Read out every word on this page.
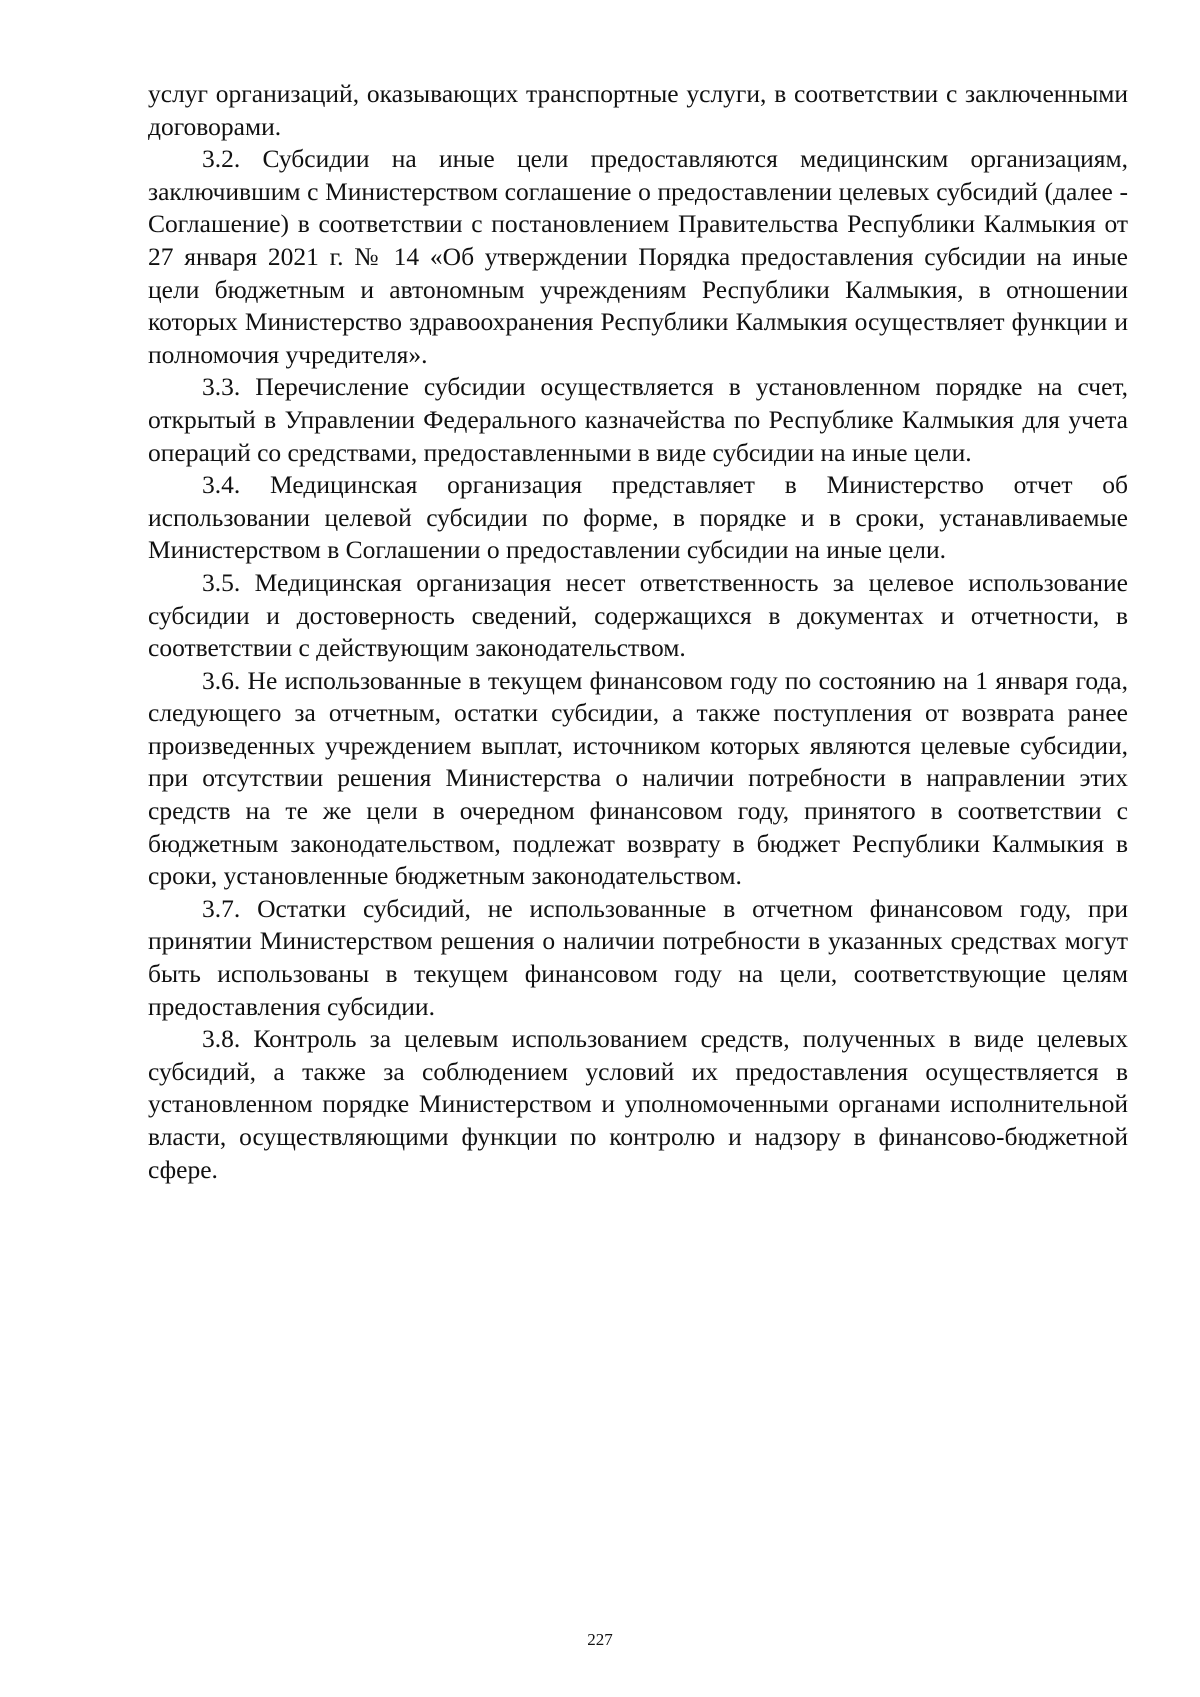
услуг организаций, оказывающих транспортные услуги, в соответствии с заключенными договорами.

3.2. Субсидии на иные цели предоставляются медицинским организациям, заключившим с Министерством соглашение о предоставлении целевых субсидий (далее - Соглашение) в соответствии с постановлением Правительства Республики Калмыкия от 27 января 2021 г. № 14 «Об утверждении Порядка предоставления субсидии на иные цели бюджетным и автономным учреждениям Республики Калмыкия, в отношении которых Министерство здравоохранения Республики Калмыкия осуществляет функции и полномочия учредителя».

3.3. Перечисление субсидии осуществляется в установленном порядке на счет, открытый в Управлении Федерального казначейства по Республике Калмыкия для учета операций со средствами, предоставленными в виде субсидии на иные цели.

3.4. Медицинская организация представляет в Министерство отчет об использовании целевой субсидии по форме, в порядке и в сроки, устанавливаемые Министерством в Соглашении о предоставлении субсидии на иные цели.

3.5. Медицинская организация несет ответственность за целевое использование субсидии и достоверность сведений, содержащихся в документах и отчетности, в соответствии с действующим законодательством.

3.6. Не использованные в текущем финансовом году по состоянию на 1 января года, следующего за отчетным, остатки субсидии, а также поступления от возврата ранее произведенных учреждением выплат, источником которых являются целевые субсидии, при отсутствии решения Министерства о наличии потребности в направлении этих средств на те же цели в очередном финансовом году, принятого в соответствии с бюджетным законодательством, подлежат возврату в бюджет Республики Калмыкия в сроки, установленные бюджетным законодательством.

3.7. Остатки субсидий, не использованные в отчетном финансовом году, при принятии Министерством решения о наличии потребности в указанных средствах могут быть использованы в текущем финансовом году на цели, соответствующие целям предоставления субсидии.

3.8. Контроль за целевым использованием средств, полученных в виде целевых субсидий, а также за соблюдением условий их предоставления осуществляется в установленном порядке Министерством и уполномоченными органами исполнительной власти, осуществляющими функции по контролю и надзору в финансово-бюджетной сфере.

227
